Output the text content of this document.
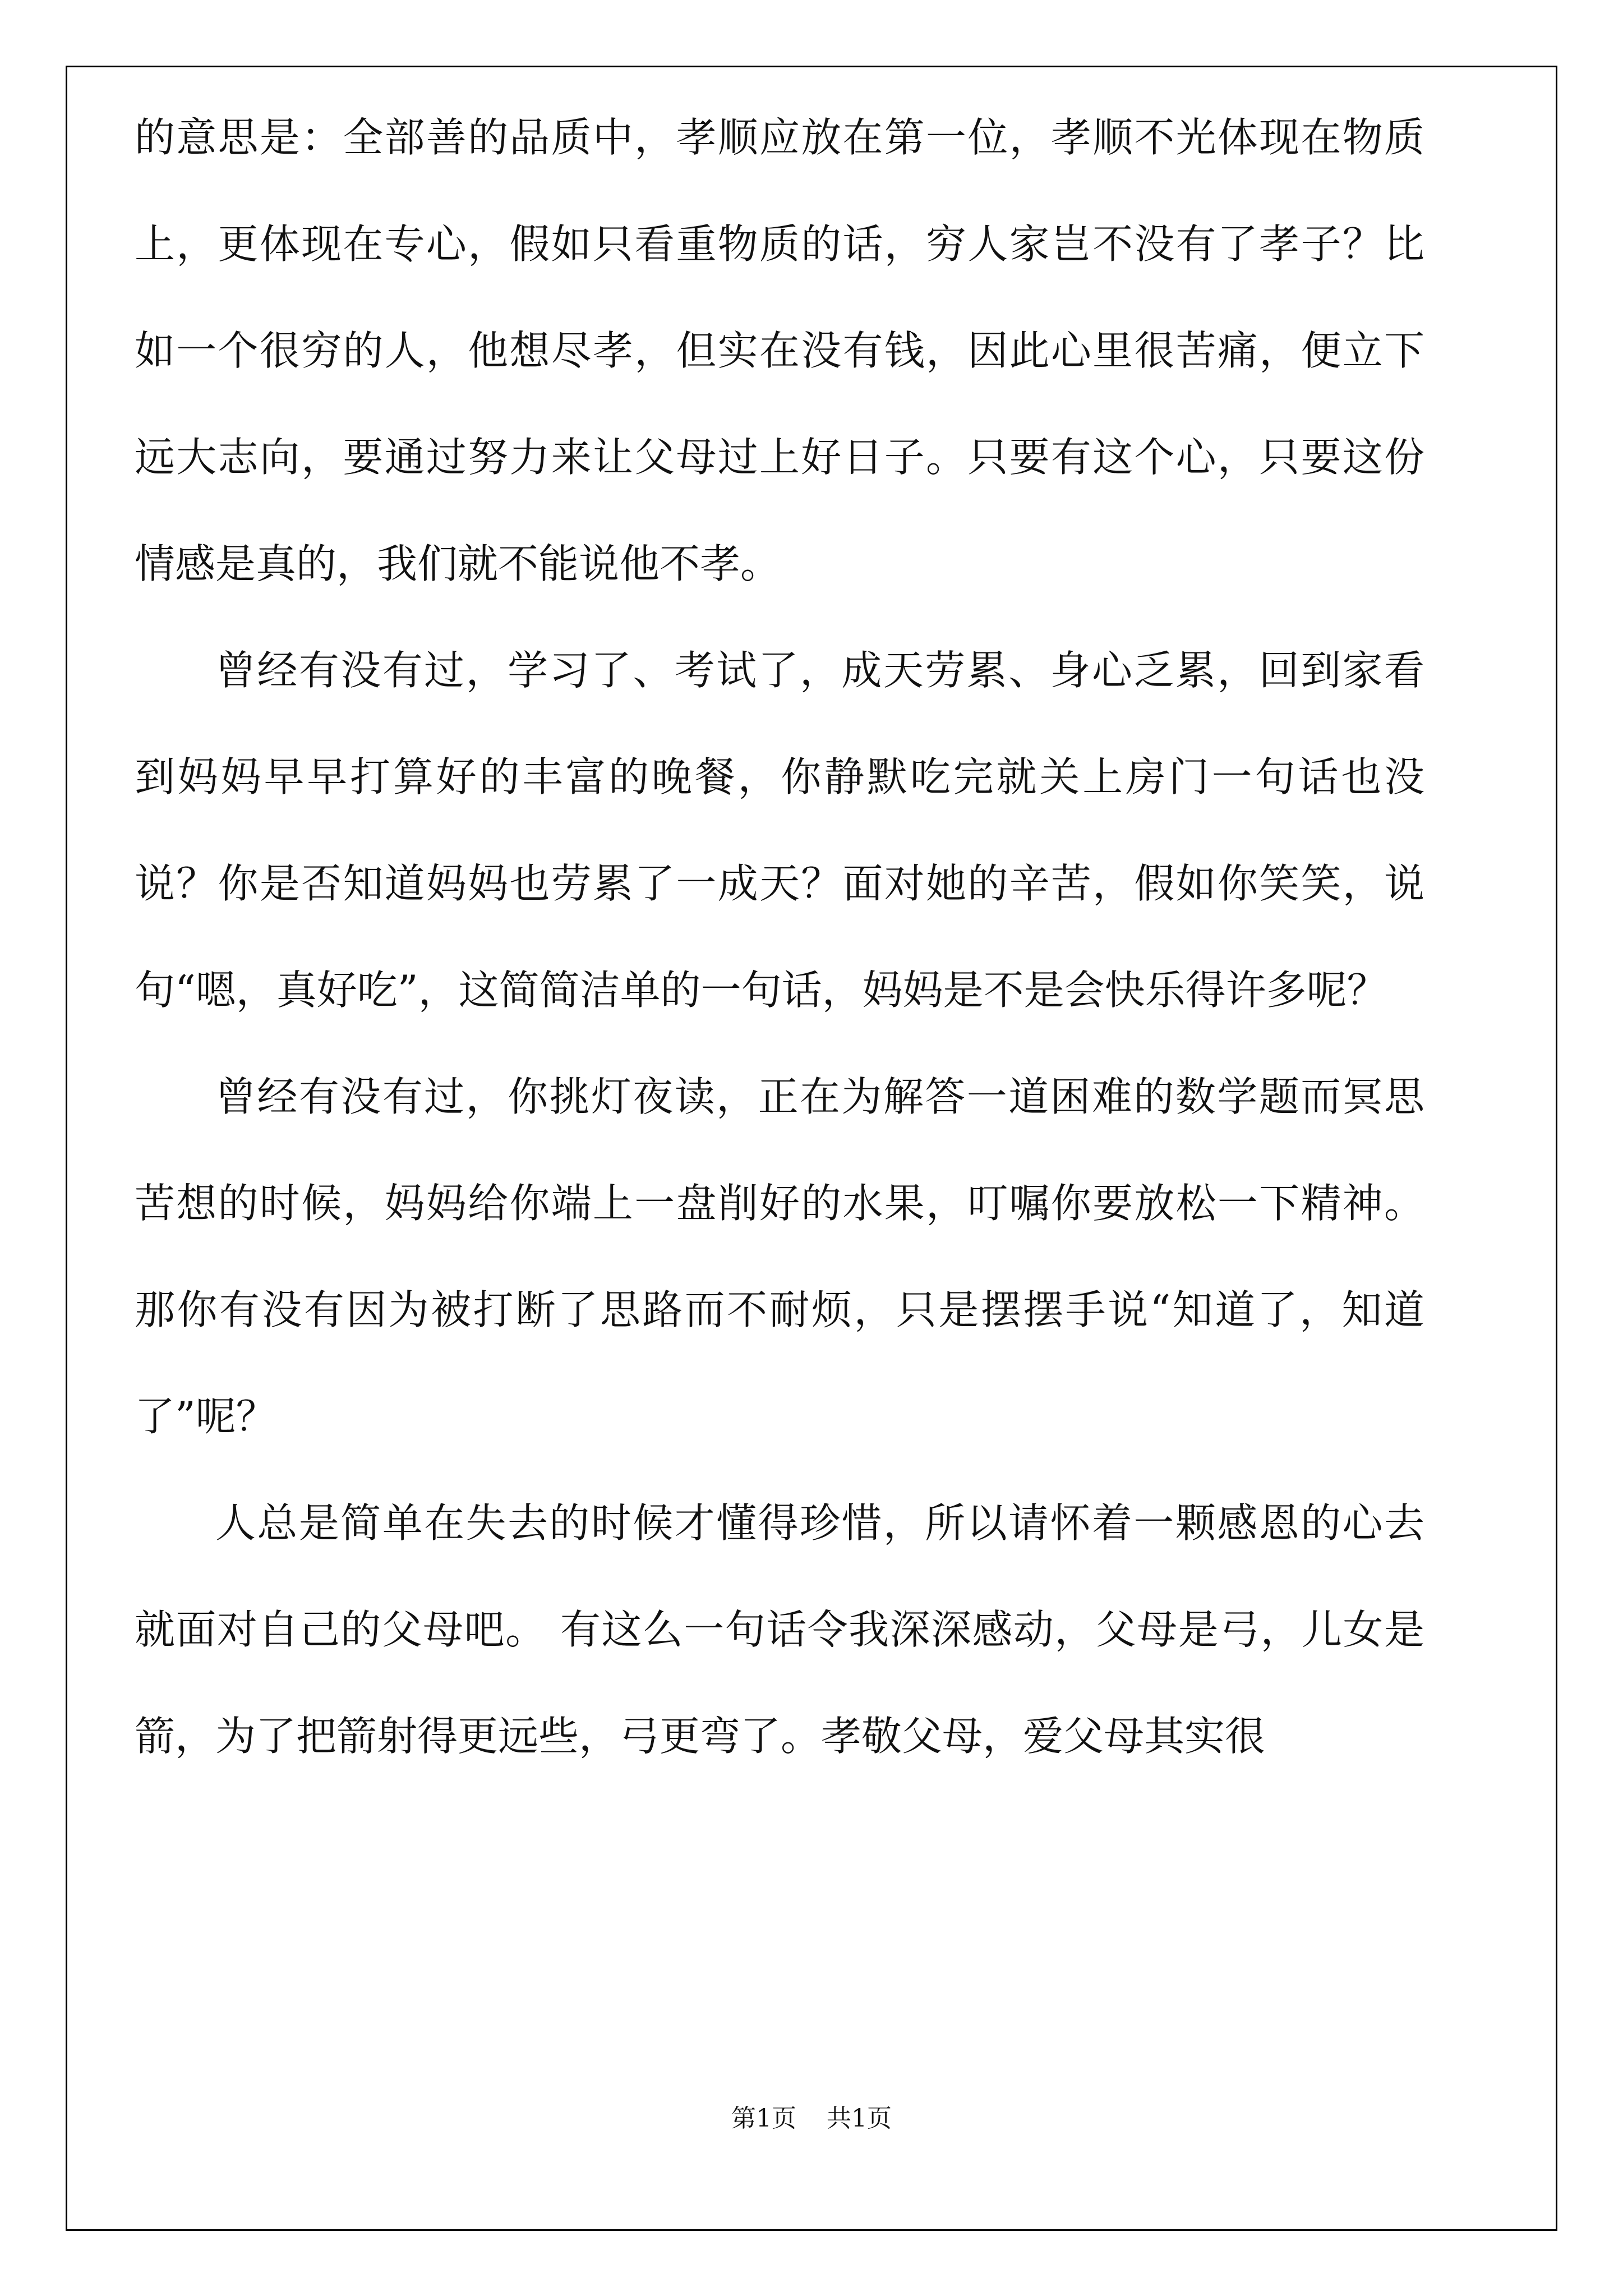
的意思是：全部善的品质中，孝顺应放在第一位，孝顺不光体现在物质上，更体现在专心，假如只看重物质的话，穷人家岂不没有了孝子？比如一个很穷的人，他想尽孝，但实在没有钱，因此心里很苦痛，便立下远大志向，要通过努力来让父母过上好日子。只要有这个心，只要这份情感是真的，我们就不能说他不孝。

曾经有没有过，学习了、考试了，成天劳累、身心乏累，回到家看到妈妈早早打算好的丰富的晚餐，你静默吃完就关上房门一句话也没说？你是否知道妈妈也劳累了一成天？面对她的辛苦，假如你笑笑，说句“嗯，真好吃”，这简简洁单的一句话，妈妈是不是会快乐得许多呢？

曾经有没有过，你挑灯夜读，正在为解答一道困难的数学题而冥思苦想的时候，妈妈给你端上一盘削好的水果，叮嘱你要放松一下精神。那你有没有因为被打断了思路而不耐烦，只是摆摆手说“知道了，知道了”呢？

人总是简单在失去的时候才懂得珍惜，所以请怀着一颗感恩的心去就面对自己的父母吧。 有这么一句话令我深深感动，父母是弓，儿女是箭，为了把箭射得更远些，弓更弯了。孝敬父母，爱父母其实很

第1页 共1页
